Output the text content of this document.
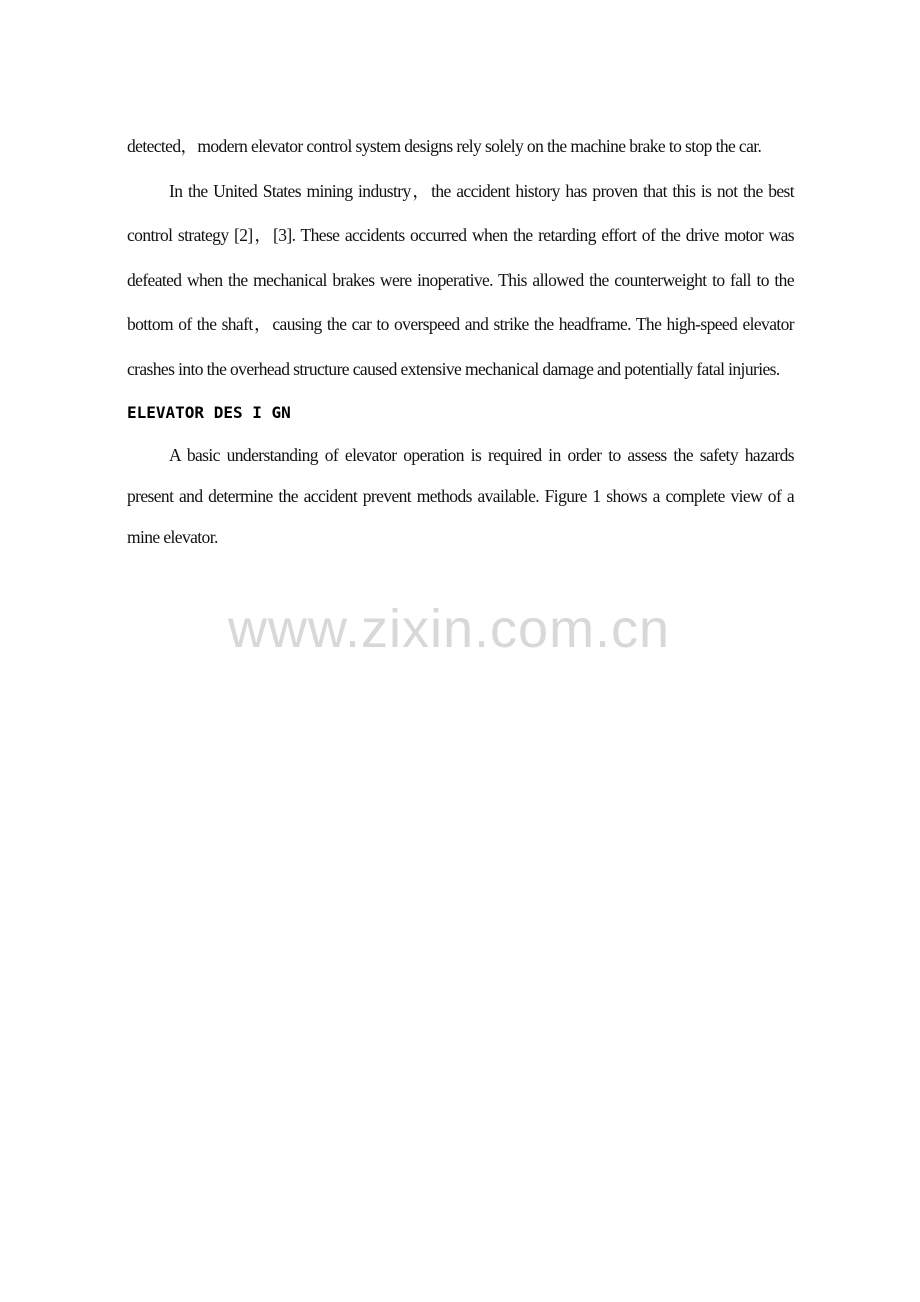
detected，modern elevator control system designs rely solely on the machine brake to stop the car.

In the United States mining industry，the accident history has proven that this is not the best control strategy [2]，[3]. These accidents occurred when the retarding effort of the drive motor was defeated when the mechanical brakes were inoperative. This allowed the counterweight to fall to the bottom of the shaft，causing the car to overspeed and strike the headframe. The high-speed elevator crashes into the overhead structure caused extensive mechanical damage and potentially fatal injuries.

ELEVATOR DES I GN

A basic understanding of elevator operation is required in order to assess the safety hazards present and determine the accident prevent methods available. Figure 1 shows a complete view of a mine elevator.

www.zixin.com.cn
